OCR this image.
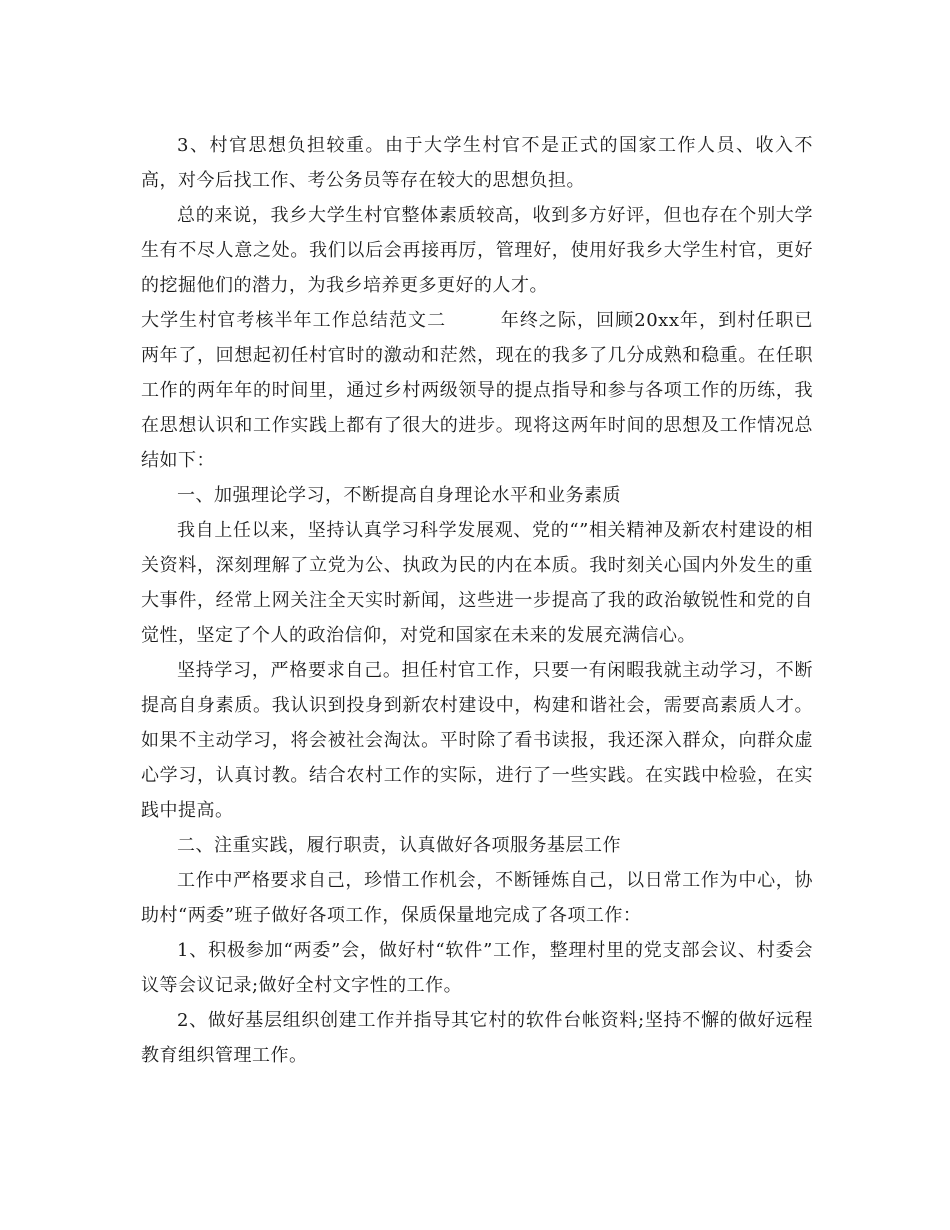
3、村官思想负担较重。由于大学生村官不是正式的国家工作人员、收入不高，对今后找工作、考公务员等存在较大的思想负担。

总的来说，我乡大学生村官整体素质较高，收到多方好评，但也存在个别大学生有不尽人意之处。我们以后会再接再厉，管理好，使用好我乡大学生村官，更好的挖掘他们的潜力，为我乡培养更多更好的人才。

大学生村官考核半年工作总结范文二	年终之际，回顾20xx年，到村任职已两年了，回想起初任村官时的激动和茫然，现在的我多了几分成熟和稳重。在任职工作的两年年的时间里，通过乡村两级领导的提点指导和参与各项工作的历练，我在思想认识和工作实践上都有了很大的进步。现将这两年时间的思想及工作情况总结如下：

一、加强理论学习，不断提高自身理论水平和业务素质

我自上任以来，坚持认真学习科学发展观、党的“”相关精神及新农村建设的相关资料，深刻理解了立党为公、执政为民的内在本质。我时刻关心国内外发生的重大事件，经常上网关注全天实时新闻，这些进一步提高了我的政治敏锐性和党的自觉性，坚定了个人的政治信仰，对党和国家在未来的发展充满信心。

坚持学习，严格要求自己。担任村官工作，只要一有闲暇我就主动学习，不断提高自身素质。我认识到投身到新农村建设中，构建和谐社会，需要高素质人才。如果不主动学习，将会被社会淘汰。平时除了看书读报，我还深入群众，向群众虚心学习，认真讨教。结合农村工作的实际，进行了一些实践。在实践中检验，在实践中提高。

二、注重实践，履行职责，认真做好各项服务基层工作

工作中严格要求自己，珍惜工作机会，不断锤炼自己，以日常工作为中心，协助村“两委”班子做好各项工作，保质保量地完成了各项工作：

1、积极参加“两委”会，做好村“软件”工作，整理村里的党支部会议、村委会议等会议记录;做好全村文字性的工作。

2、做好基层组织创建工作并指导其它村的软件台帐资料;坚持不懈的做好远程教育组织管理工作。
